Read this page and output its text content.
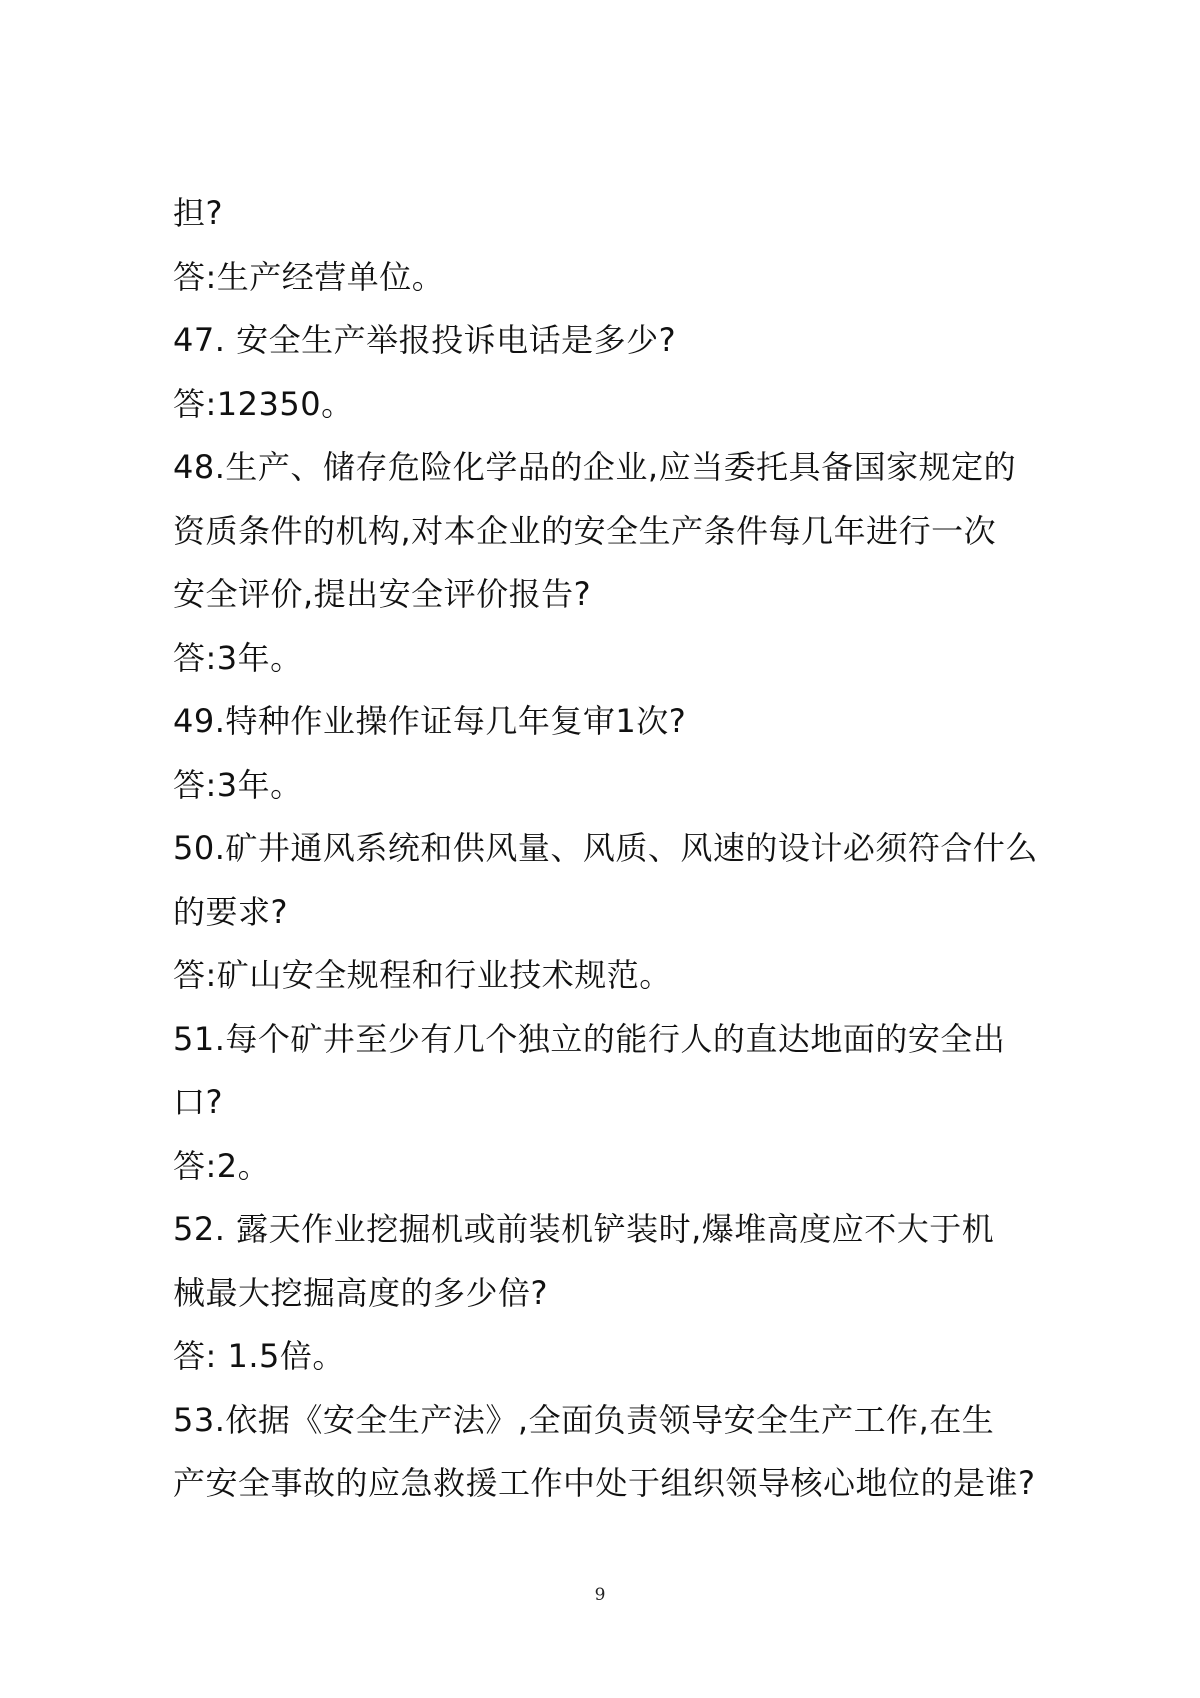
担?
答:生产经营单位。
47. 安全生产举报投诉电话是多少?
答:12350。
48.生产、储存危险化学品的企业,应当委托具备国家规定的
资质条件的机构,对本企业的安全生产条件每几年进行一次
安全评价,提出安全评价报告?
答:3年。
49.特种作业操作证每几年复审1次?
答:3年。
50.矿井通风系统和供风量、风质、风速的设计必须符合什么
的要求?
答:矿山安全规程和行业技术规范。
51.每个矿井至少有几个独立的能行人的直达地面的安全出
口?
答:2。
52. 露天作业挖掘机或前装机铲装时,爆堆高度应不大于机
械最大挖掘高度的多少倍?
答: 1.5倍。
53.依据《安全生产法》,全面负责领导安全生产工作,在生
产安全事故的应急救援工作中处于组织领导核心地位的是谁?
9
